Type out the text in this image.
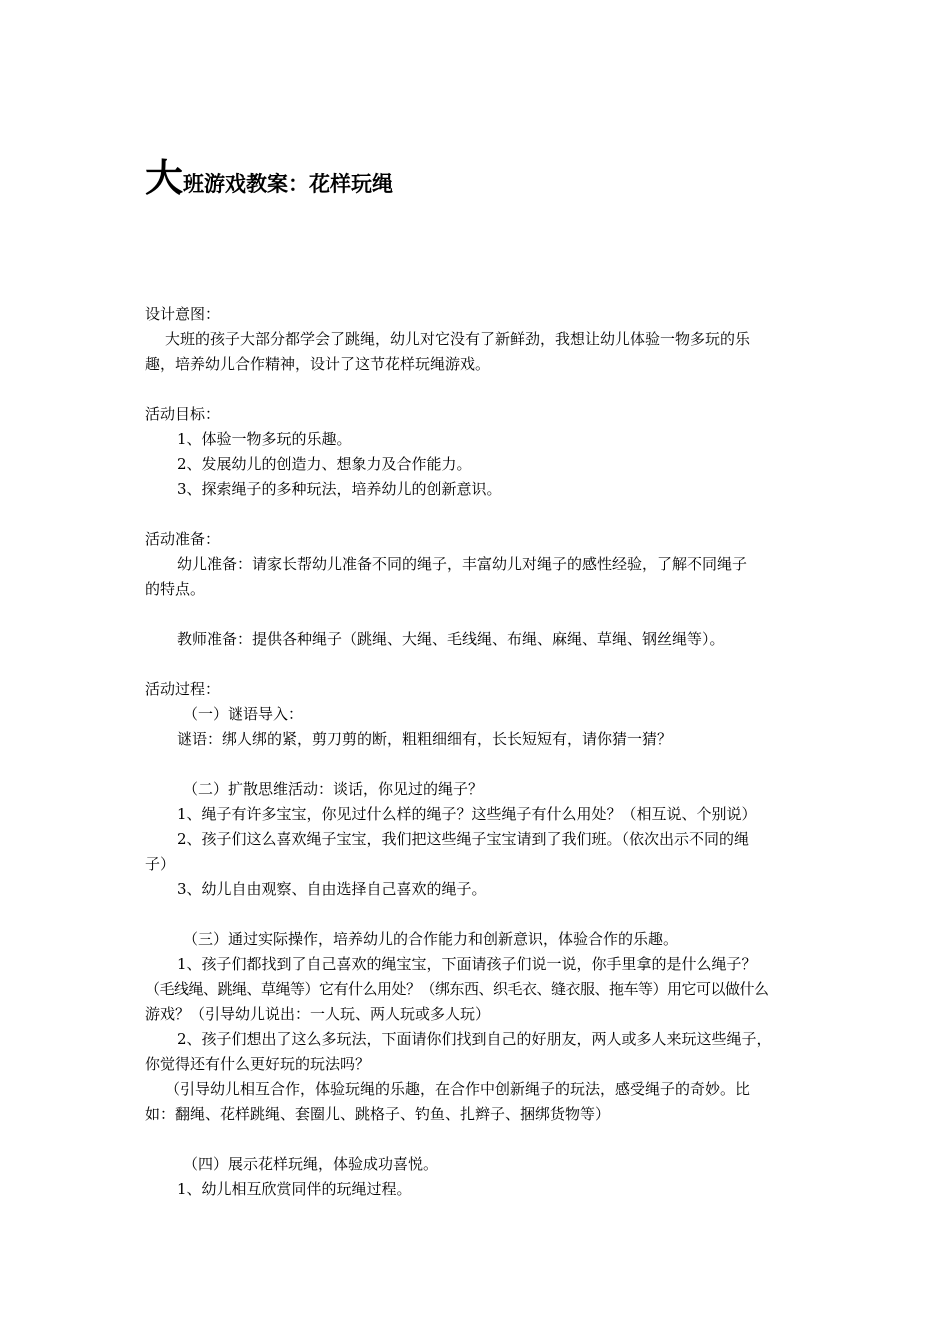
大班游戏教案：花样玩绳
设计意图：
大班的孩子大部分都学会了跳绳，幼儿对它没有了新鲜劲，我想让幼儿体验一物多玩的乐
趣，培养幼儿合作精神，设计了这节花样玩绳游戏。
活动目标：
1、体验一物多玩的乐趣。
2、发展幼儿的创造力、想象力及合作能力。
3、探索绳子的多种玩法，培养幼儿的创新意识。
活动准备：
幼儿准备：请家长帮幼儿准备不同的绳子，丰富幼儿对绳子的感性经验，了解不同绳子
的特点。
教师准备：提供各种绳子（跳绳、大绳、毛线绳、布绳、麻绳、草绳、钢丝绳等）。
活动过程：
（一）谜语导入：
谜语：绑人绑的紧，剪刀剪的断，粗粗细细有，长长短短有，请你猜一猜？
（二）扩散思维活动：谈话，你见过的绳子？
1、绳子有许多宝宝，你见过什么样的绳子？这些绳子有什么用处？（相互说、个别说）
2、孩子们这么喜欢绳子宝宝，我们把这些绳子宝宝请到了我们班。（依次出示不同的绳
子）
3、幼儿自由观察、自由选择自己喜欢的绳子。
（三）通过实际操作，培养幼儿的合作能力和创新意识，体验合作的乐趣。
1、孩子们都找到了自己喜欢的绳宝宝，下面请孩子们说一说，你手里拿的是什么绳子？
（毛线绳、跳绳、草绳等）它有什么用处？（绑东西、织毛衣、缝衣服、拖车等）用它可以做什么
游戏？（引导幼儿说出：一人玩、两人玩或多人玩）
2、孩子们想出了这么多玩法，下面请你们找到自己的好朋友，两人或多人来玩这些绳子，
你觉得还有什么更好玩的玩法吗？
（引导幼儿相互合作，体验玩绳的乐趣，在合作中创新绳子的玩法，感受绳子的奇妙。比
如：翻绳、花样跳绳、套圈儿、跳格子、钓鱼、扎辫子、捆绑货物等）
（四）展示花样玩绳，体验成功喜悦。
1、幼儿相互欣赏同伴的玩绳过程。
